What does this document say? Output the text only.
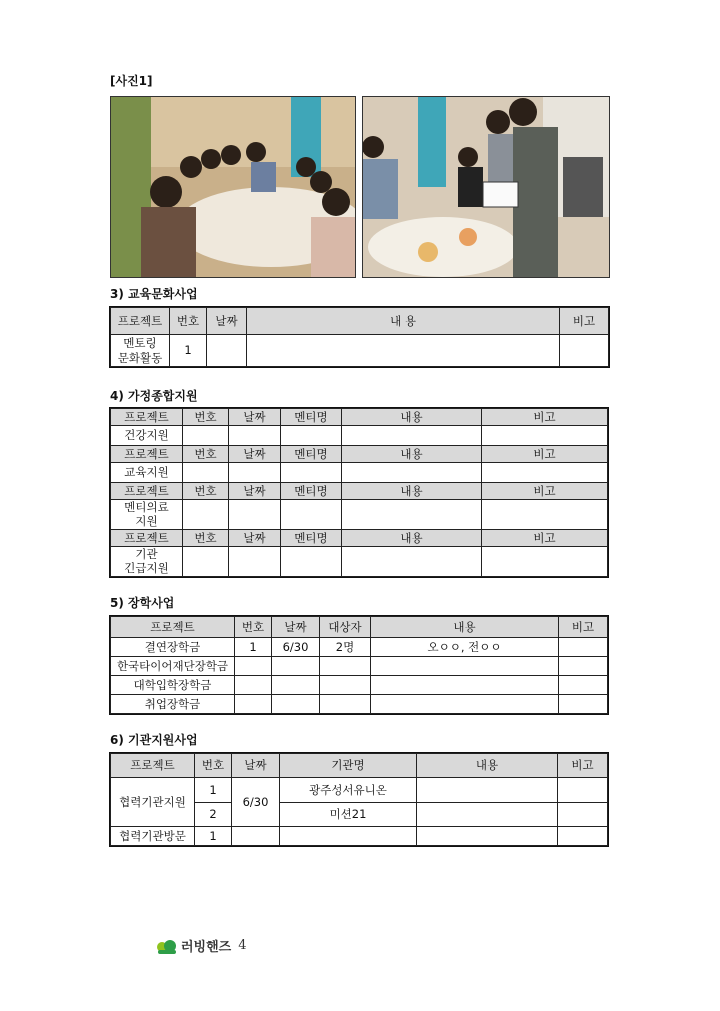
[사진1]
3) 교육문화사업
프로젝트	번호	날짜	내 용	비고
멘토링
문화활동	1			
4) 가정종합지원
프로젝트	번호	날짜	멘티명	내용	비고
건강지원					
프로젝트	번호	날짜	멘티명	내용	비고
교육지원					
프로젝트	번호	날짜	멘티명	내용	비고
멘티의료
지원					
프로젝트	번호	날짜	멘티명	내용	비고
기관
긴급지원					
5) 장학사업
프로젝트	번호	날짜	대상자	내용	비고
결연장학금	1	6/30	2명	오ㅇㅇ, 전ㅇㅇ	
한국타이어재단장학금					
대학입학장학금					
취업장학금					
6) 기관지원사업
프로젝트	번호	날짜	기관명	내용	비고
협력기관지원	1	6/30	광주성서유니온		
	2		미션21		
협력기관방문	1				
러빙핸즈 4
